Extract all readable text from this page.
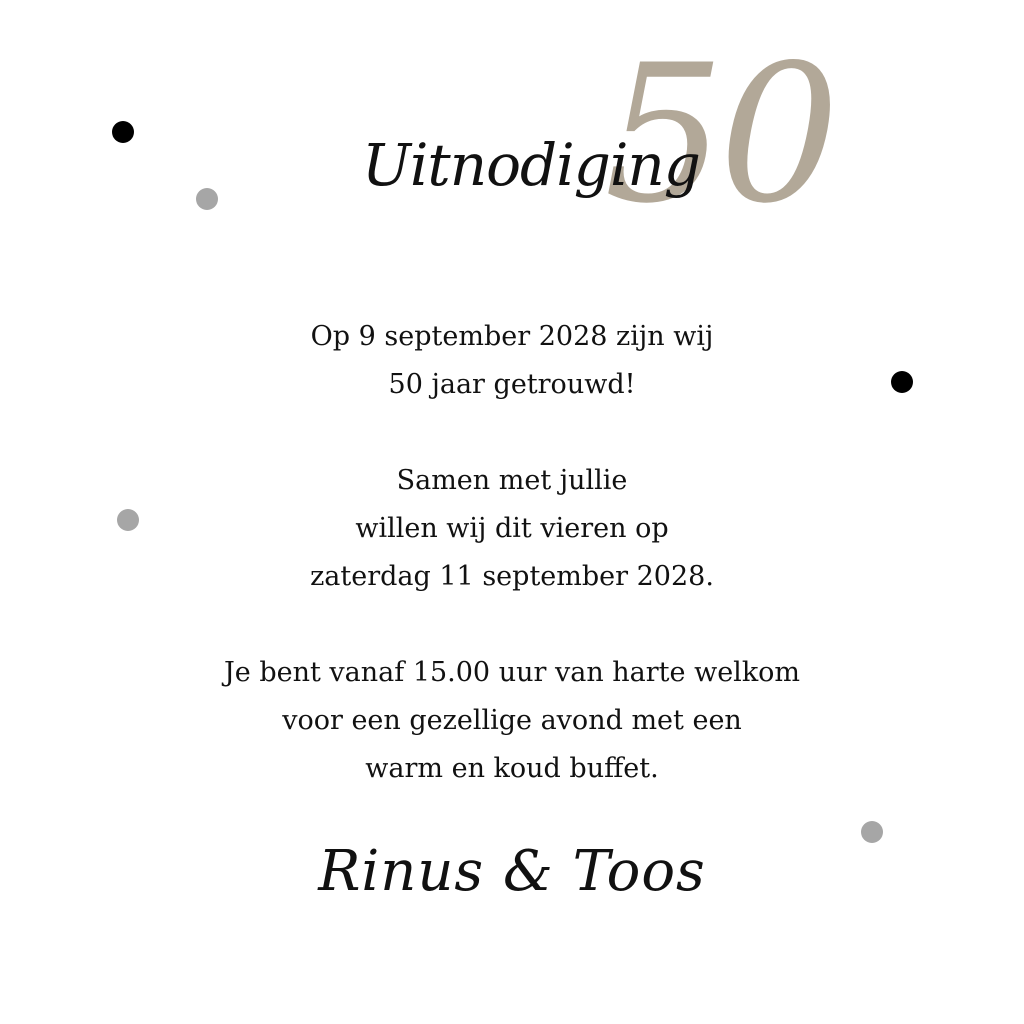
50
Uitnodiging

Op 9 september 2028 zijn wij

50 jaar getrouwd!

Samen met jullie

willen wij dit vieren op

zaterdag 11 september 2028.

Je bent vanaf 15.00 uur van harte welkom

voor een gezellige avond met een

warm en koud buffet.

Rinus & Toos
